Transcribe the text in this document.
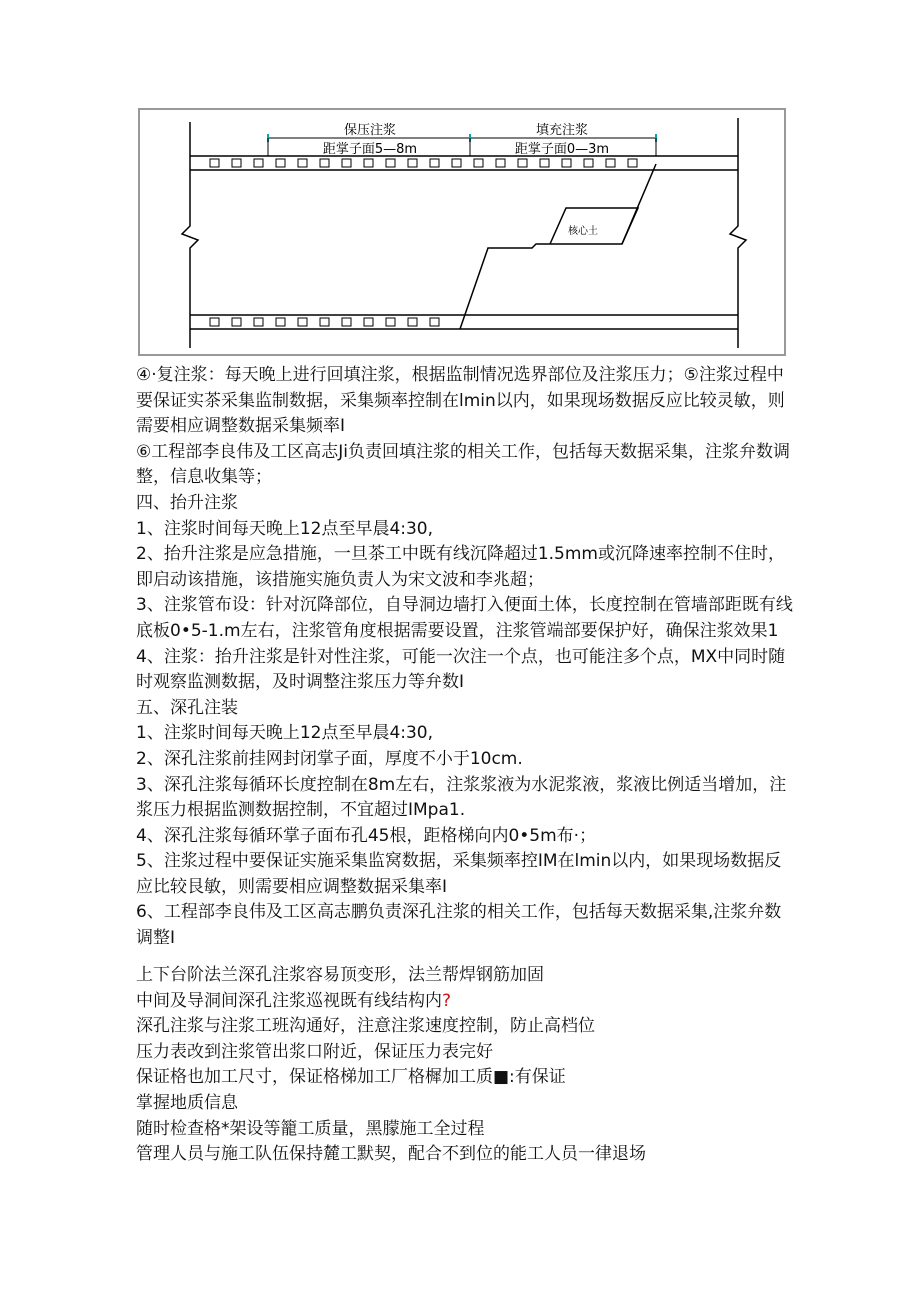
保压注浆	填充注浆
距掌子面5—8m	距掌子面0—3m
核心土

④·复注浆：每天晚上进行回填注浆，根据监制情况选界部位及注浆压力；⑤注浆过程中要保证实茶采集监制数据，采集频率控制在lmin以内，如果现场数据反应比较灵敏，则需要相应调整数据采集频率I

⑥工程部李良伟及工区高志Ji负责回填注浆的相关工作，包括每天数据采集，注浆弁数调整，信息收集等；

四、抬升注浆

1、注浆时间每天晚上12点至早晨4:30,

2、抬升注浆是应急措施，一旦茶工中既有线沉降超过1.5mm或沉降速率控制不住时，即启动该措施，该措施实施负责人为宋文波和李兆超；

3、注浆管布设：针对沉降部位，自导洞边墙打入便面土体，长度控制在管墙部距既有线底板0•5-1.m左右，注浆管角度根据需要设置，注浆管端部要保护好，确保注浆效果1

4、注浆：抬升注浆是针对性注浆，可能一次注一个点，也可能注多个点，MX中同时随时观察监测数据，及时调整注浆压力等弁数I

五、深孔注装

1、注浆时间每天晚上12点至早晨4:30,

2、深孔注浆前挂网封闭掌子面，厚度不小于10cm.

3、深孔注浆每循环长度控制在8m左右，注浆浆液为水泥浆液，浆液比例适当增加，注浆压力根据监测数据控制，不宜超过IMpa1.

4、深孔注浆每循环掌子面布孔45根，距格梯向内0•5m布·；

5、注浆过程中要保证实施采集监窝数据，采集频率控IM在lmin以内，如果现场数据反应比较艮敏，则需要相应调整数据采集率I

6、工程部李良伟及工区高志鹏负责深孔注浆的相关工作，包括每天数据采集,注浆弁数调整I

上下台阶法兰深孔注浆容易顶变形，法兰帮焊钢筋加固

中间及导洞间深孔注浆巡视既有线结构内?

深孔注浆与注浆工班沟通好，注意注浆速度控制，防止高档位

压力表改到注浆管出浆口附近，保证压力表完好

保证格也加工尺寸，保证格梯加工厂格樨加工质■:有保证

掌握地质信息

随时检查格*架设等籠工质量，黑朦施工全过程

管理人员与施工队伍保持麓工默契，配合不到位的能工人员一律退场
